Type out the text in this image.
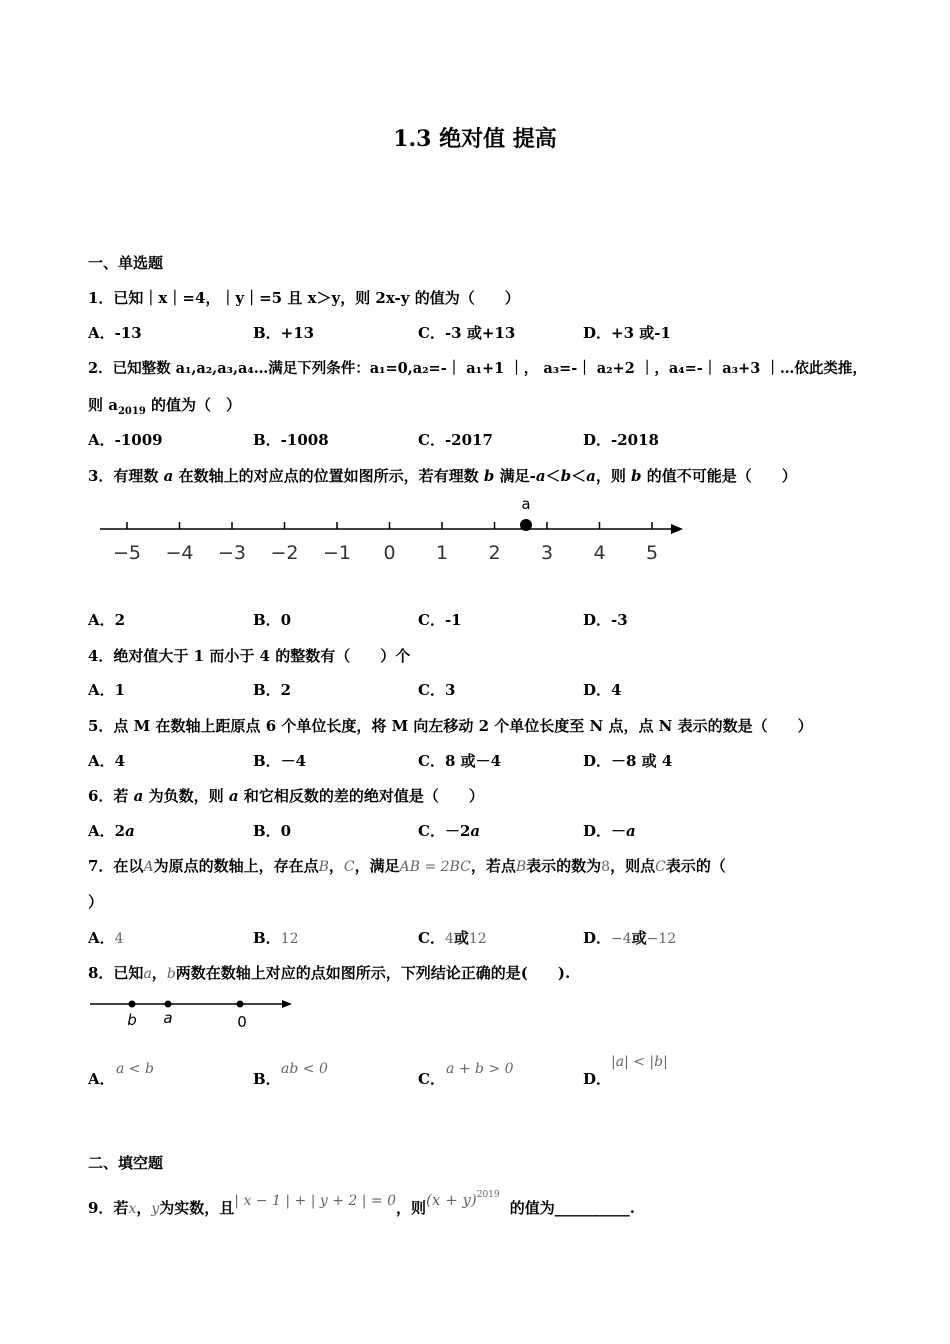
1.3 绝对值 提高
一、单选题
1．已知｜x｜=4，｜y｜=5 且 x＞y，则 2x-y 的值为（　　）
A．-13	B．+13	C．-3 或+13	D．+3 或-1
2．已知整数 a₁,a₂,a₃,a₄…满足下列条件：a₁=0,a₂=-｜ a₁+1 ｜， a₃=-｜ a₂+2 ｜，a₄=-｜ a₃+3 ｜…依此类推，
则 $a_{2019}$ 的值为（　）
A．-1009	B．-1008	C．-2017	D．-2018
3．有理数 a 在数轴上的对应点的位置如图所示，若有理数 b 满足-a＜b＜a，则 b 的值不可能是（　　）
−5 −4 −3 −2 −1 0 1 2 3 4 5
a
A．2	B．0	C．-1	D．-3
4．绝对值大于 1 而小于 4 的整数有（　　）个
A．1	B．2	C．3	D．4
5．点 M 在数轴上距原点 6 个单位长度，将 M 向左移动 2 个单位长度至 N 点，点 N 表示的数是（　　）
A．4	B．－4	C．8 或－4	D．－8 或 4
6．若 a 为负数，则 a 和它相反数的差的绝对值是（　　）
A．2a	B．0	C．－2a	D．－a
7．在以A为原点的数轴上，存在点B，C，满足AB = 2BC，若点B表示的数为8，则点C表示的（
）
A．4	B．12	C．4或12	D．−4或−12
8．已知a，b两数在数轴上对应的点如图所示，下列结论正确的是(　　).
b a	0
A．
a < b
B．
ab < 0
C．
a + b > 0
D．
|a| < |b|
二、填空题
9．若x，y为实数，且| x − 1 | + | y + 2 | = 0，则$(x + y)^{2019}$的值为__________.
